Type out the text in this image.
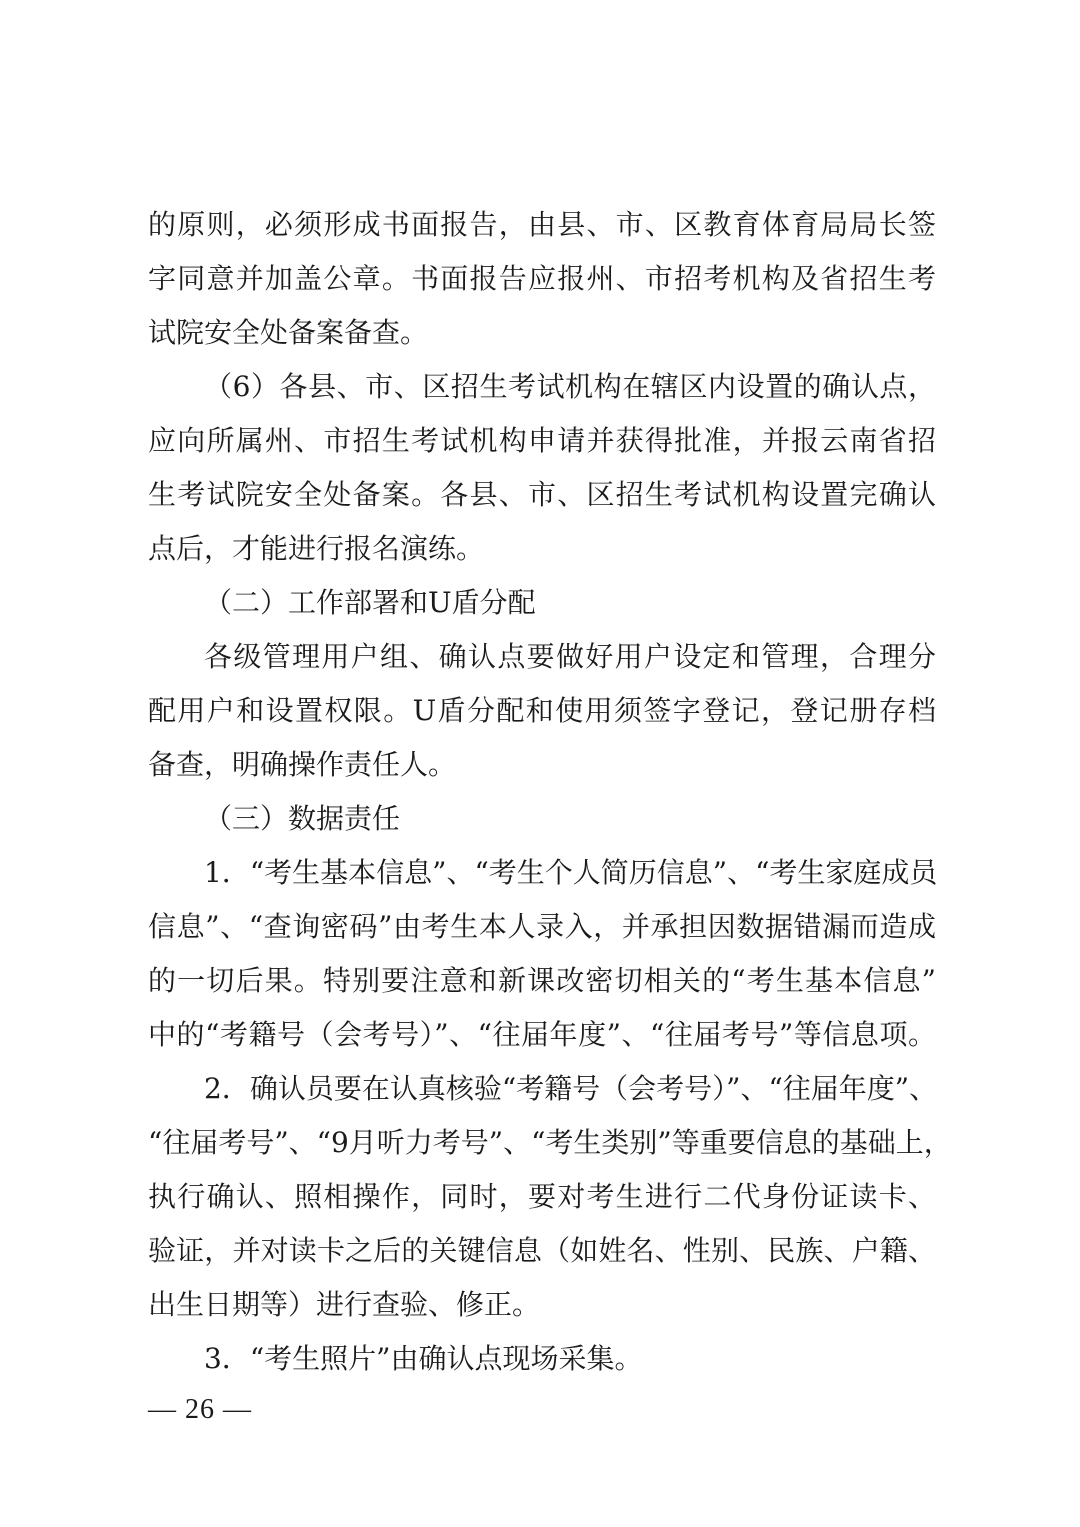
的原则，必须形成书面报告，由县、市、区教育体育局局长签
字同意并加盖公章。书面报告应报州、市招考机构及省招生考
试院安全处备案备查。
（6）各县、市、区招生考试机构在辖区内设置的确认点，
应向所属州、市招生考试机构申请并获得批准，并报云南省招
生考试院安全处备案。各县、市、区招生考试机构设置完确认
点后，才能进行报名演练。
（二）工作部署和U盾分配
各级管理用户组、确认点要做好用户设定和管理，合理分
配用户和设置权限。U盾分配和使用须签字登记，登记册存档
备查，明确操作责任人。
（三）数据责任
1．“考生基本信息”、“考生个人简历信息”、“考生家庭成员
信息”、“查询密码”由考生本人录入，并承担因数据错漏而造成
的一切后果。特别要注意和新课改密切相关的“考生基本信息”
中的“考籍号（会考号）”、“往届年度”、“往届考号”等信息项。
2．确认员要在认真核验“考籍号（会考号）”、“往届年度”、
“往届考号”、“9月听力考号”、“考生类别”等重要信息的基础上，
执行确认、照相操作，同时，要对考生进行二代身份证读卡、
验证，并对读卡之后的关键信息（如姓名、性别、民族、户籍、
出生日期等）进行查验、修正。
3．“考生照片”由确认点现场采集。
— 26 —
